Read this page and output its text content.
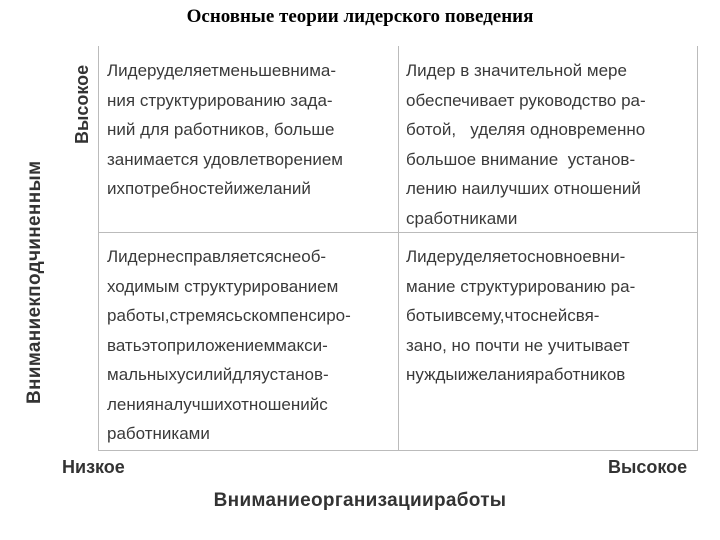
Основные теории лидерского поведения
Вниманиекподчиненным
Высокое Лидеруделяетменьшевнима-
ния структурированию зада-
ний для работников, больше
занимается удовлетворением
ихпотребностейижеланий
Лидер в значительной мере
обеспечивает руководство ра-
ботой,   уделяя одновременно
большое внимание  установ-
лению наилучших отношений
сработниками
Лидернесправляетсяснеоб-
ходимым структурированием
работы,стремясьскомпенсиро-
ватьэтоприложениеммакси-
мальныхусилийдляустанов-
ленияналучшихотношенийс
работниками
Лидеруделяетосновноевни-
мание структурированию ра-
ботыивсему,чтоснейсвя-
зано, но почти не учитывает
нуждыижеланияработников
Низкое	Высокое
Вниманиеорганизацииработы
